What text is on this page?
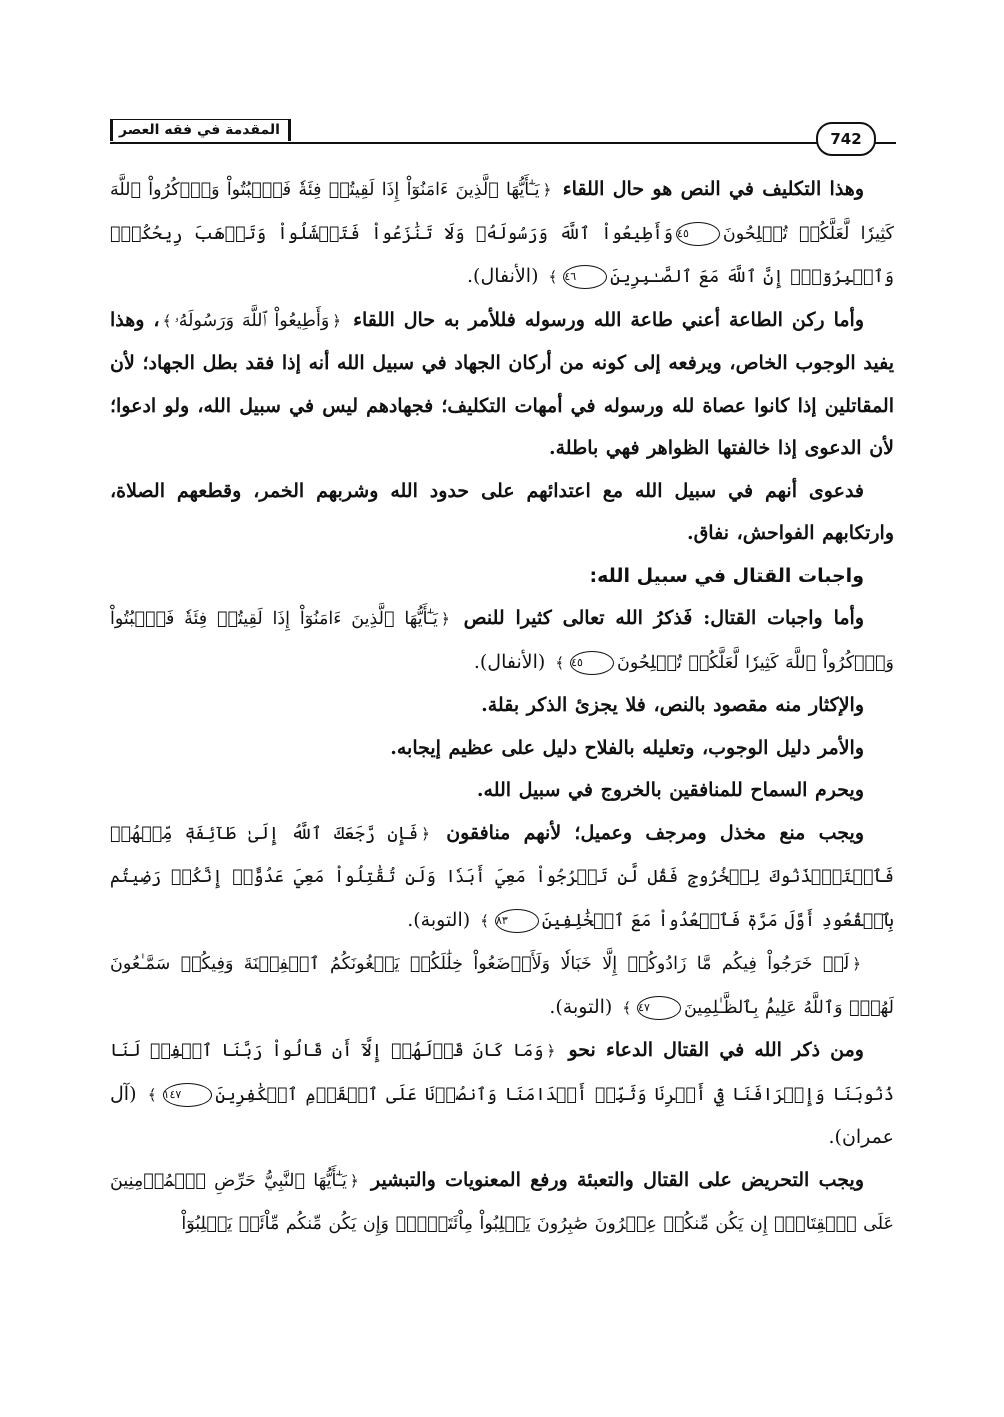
742
المقدمة في فقه العصر

وهذا التكليف في النص هو حال اللقاء ﴿يَـٰٓأَيُّهَا ٱلَّذِينَ ءَامَنُوٓاْ إِذَا لَقِيتُمۡ فِئَةٗ فَٱثۡبُتُواْ وَٱذۡكُرُواْ ٱللَّهَ كَثِيرٗا لَّعَلَّكُمۡ تُفۡلِحُونَ٤٥وَأَطِيعُواْ ٱللَّهَ وَرَسُولَهُۥ وَلَا تَنَٰزَعُواْ فَتَفۡشَلُواْ وَتَذۡهَبَ رِيحُكُمۡۖ وَٱصۡبِرُوٓاْۚ إِنَّ ٱللَّهَ مَعَ ٱلصَّـٰبِرِينَ٤٦﴾ (الأنفال).

وأما ركن الطاعة أعني طاعة الله ورسوله فللأمر به حال اللقاء ﴿وَأَطِيعُواْ ٱللَّهَ وَرَسُولَهُۥ﴾، وهذا يفيد الوجوب الخاص، ويرفعه إلى كونه من أركان الجهاد في سبيل الله أنه إذا فقد بطل الجهاد؛ لأن المقاتلين إذا كانوا عصاة لله ورسوله في أمهات التكليف؛ فجهادهم ليس في سبيل الله، ولو ادعوا؛ لأن الدعوى إذا خالفتها الظواهر فهي باطلة.

فدعوى أنهم في سبيل الله مع اعتدائهم على حدود الله وشربهم الخمر، وقطعهم الصلاة، وارتكابهم الفواحش، نفاق.

واجبات القتال في سبيل الله:

وأما واجبات القتال: فَذكرُ الله تعالى كثيرا للنص ﴿يَـٰٓأَيُّهَا ٱلَّذِينَ ءَامَنُوٓاْ إِذَا لَقِيتُمۡ فِئَةٗ فَٱثۡبُتُواْ وَٱذۡكُرُواْ ٱللَّهَ كَثِيرٗا لَّعَلَّكُمۡ تُفۡلِحُونَ٤٥﴾ (الأنفال).

والإكثار منه مقصود بالنص، فلا يجزئ الذكر بقلة.

والأمر دليل الوجوب، وتعليله بالفلاح دليل على عظيم إيجابه.

ويحرم السماح للمنافقين بالخروج في سبيل الله.

ويجب منع مخذل ومرجف وعميل؛ لأنهم منافقون ﴿فَإِن رَّجَعَكَ ٱللَّهُ إِلَىٰ طَآئِفَةٖ مِّنۡهُمۡ فَٱسۡتَـٔۡذَنُوكَ لِلۡخُرُوجِ فَقُل لَّن تَخۡرُجُواْ مَعِيَ أَبَدٗا وَلَن تُقَٰتِلُواْ مَعِيَ عَدُوًّاۖ إِنَّكُمۡ رَضِيتُم بِٱلۡقُعُودِ أَوَّلَ مَرَّةٖ فَٱقۡعُدُواْ مَعَ ٱلۡخَٰلِفِينَ٨٣﴾ (التوبة).

﴿لَوۡ خَرَجُواْ فِيكُم مَّا زَادُوكُمۡ إِلَّا خَبَالٗا وَلَأَوۡضَعُواْ خِلَٰلَكُمۡ يَبۡغُونَكُمُ ٱلۡفِتۡنَةَ وَفِيكُمۡ سَمَّـٰعُونَ لَهُمۡۗ وَٱللَّهُ عَلِيمُۢ بِٱلظَّـٰلِمِينَ٤٧﴾ (التوبة).

ومن ذكر الله في القتال الدعاء نحو ﴿وَمَا كَانَ قَوۡلَهُمۡ إِلَّآ أَن قَالُواْ رَبَّنَا ٱغۡفِرۡ لَنَا ذُنُوبَنَا وَإِسۡرَافَنَا فِيٓ أَمۡرِنَا وَثَبِّتۡ أَقۡدَامَنَا وَٱنصُرۡنَا عَلَى ٱلۡقَوۡمِ ٱلۡكَٰفِرِينَ١٤٧﴾ (آل عمران).

ويجب التحريض على القتال والتعبئة ورفع المعنويات والتبشير ﴿يَـٰٓأَيُّهَا ٱلنَّبِيُّ حَرِّضِ ٱلۡمُؤۡمِنِينَ عَلَى ٱلۡقِتَالِۚ إِن يَكُن مِّنكُمۡ عِشۡرُونَ صَٰبِرُونَ يَغۡلِبُواْ مِاْئَتَيۡنِۚ وَإِن يَكُن مِّنكُم مِّاْئَةٞ يَغۡلِبُوٓاْ
